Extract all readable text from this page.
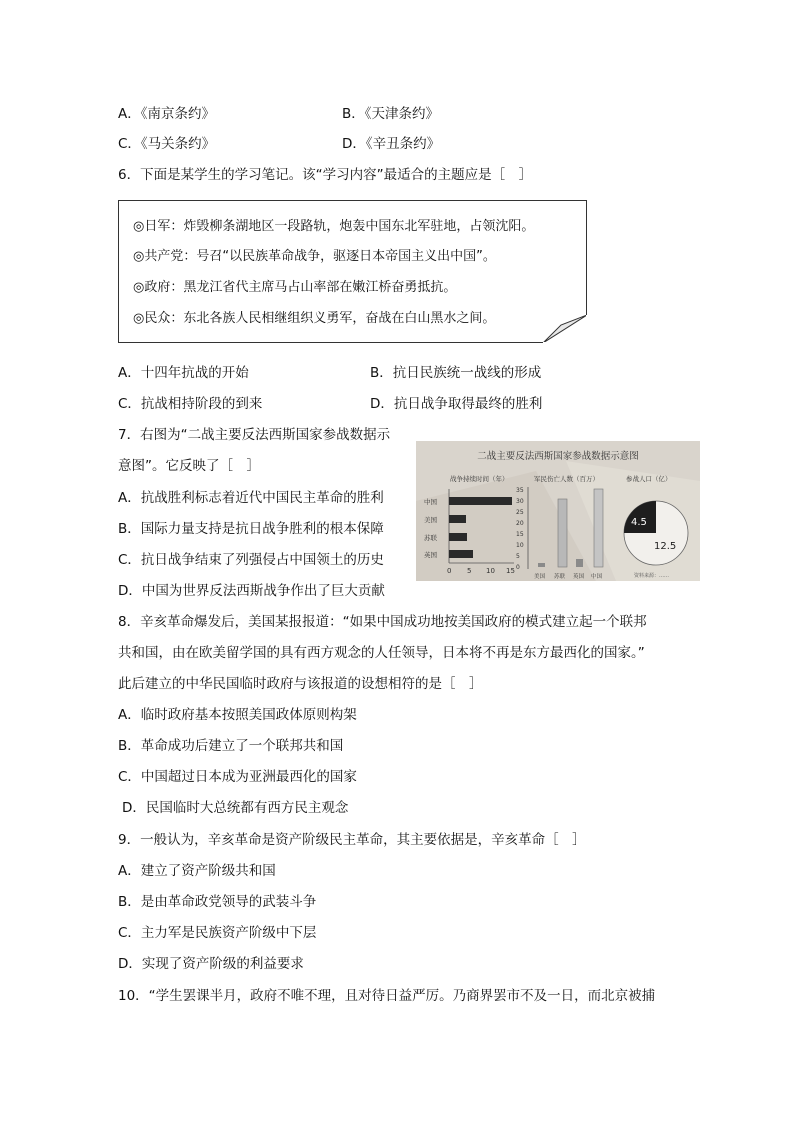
A．《南京条约》	B．《天津条约》
C．《马关条约》	D．《辛丑条约》
6．下面是某学生的学习笔记。该“学习内容”最适合的主题应是［　］
◎日军：炸毁柳条湖地区一段路轨，炮轰中国东北军驻地，占领沈阳。
◎共产党：号召“以民族革命战争，驱逐日本帝国主义出中国”。
◎政府：黑龙江省代主席马占山率部在嫩江桥奋勇抵抗。
◎民众：东北各族人民相继组织义勇军，奋战在白山黑水之间。
A．十四年抗战的开始	B．抗日民族统一战线的形成
C．抗战相持阶段的到来	D．抗日战争取得最终的胜利
7．右图为“二战主要反法西斯国家参战数据示
意图”。它反映了［　］
A．抗战胜利标志着近代中国民主革命的胜利
B．国际力量支持是抗日战争胜利的根本保障
C．抗日战争结束了列强侵占中国领土的历史
D．中国为世界反法西斯战争作出了巨大贡献
二战主要反法西斯国家参战数据示意图
战争持续时间（年）	军民伤亡人数（百万）	参战人口（亿）
中国
美国
苏联
英国
0 5 10 15
35
30
25
20
15
10
5
0
美国 苏联 英国 中国
4.5
12.5
资料来源：……
8．辛亥革命爆发后，美国某报报道：“如果中国成功地按美国政府的模式建立起一个联邦
共和国，由在欧美留学国的具有西方观念的人任领导，日本将不再是东方最西化的国家。”
此后建立的中华民国临时政府与该报道的设想相符的是［　］
A．临时政府基本按照美国政体原则构架
B．革命成功后建立了一个联邦共和国
C．中国超过日本成为亚洲最西化的国家
D．民国临时大总统都有西方民主观念
9．一般认为，辛亥革命是资产阶级民主革命，其主要依据是，辛亥革命［　］
A．建立了资产阶级共和国
B．是由革命政党领导的武装斗争
C．主力军是民族资产阶级中下层
D．实现了资产阶级的利益要求
10．“学生罢课半月，政府不唯不理，且对待日益严厉。乃商界罢市不及一日，而北京被捕
